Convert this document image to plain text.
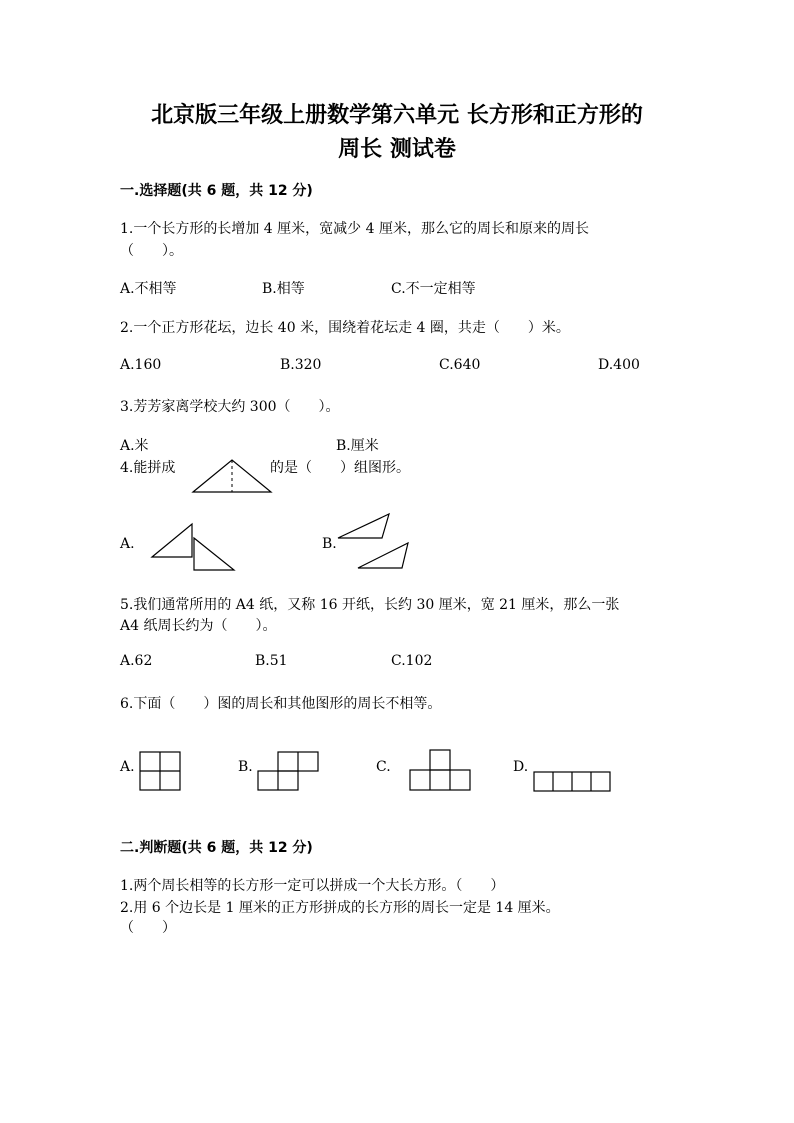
北京版三年级上册数学第六单元 长方形和正方形的
周长 测试卷
一.选择题(共 6 题，共 12 分)
1.一个长方形的长增加 4 厘米，宽减少 4 厘米，那么它的周长和原来的周长
（　　）。
A.不相等	B.相等	C.不一定相等
2.一个正方形花坛，边长 40 米，围绕着花坛走 4 圈，共走（　　）米。
A.160	B.320	C.640	D.400
3.芳芳家离学校大约 300（　　）。
A.米	B.厘米
4.能拼成	的是（　　）组图形。
A.	B.
5.我们通常所用的 A4 纸，又称 16 开纸，长约 30 厘米，宽 21 厘米，那么一张
A4 纸周长约为（　　）。
A.62	B.51	C.102
6.下面（　　）图的周长和其他图形的周长不相等。
A.	B.	C.	D.
二.判断题(共 6 题，共 12 分)
1.两个周长相等的长方形一定可以拼成一个大长方形。（　　）
2.用 6 个边长是 1 厘米的正方形拼成的长方形的周长一定是 14 厘米。
（　　）
